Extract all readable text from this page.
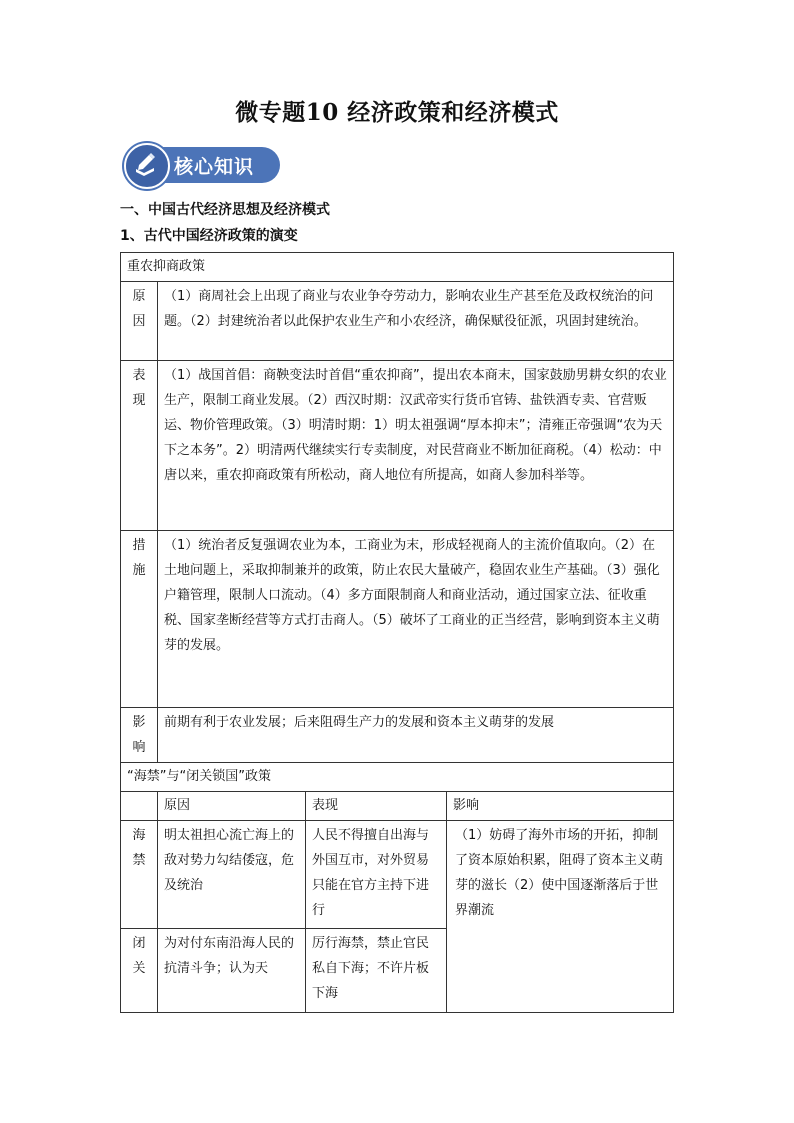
微专题10 经济政策和经济模式
核心知识
一、中国古代经济思想及经济模式
1、古代中国经济政策的演变
重农抑商政策			
原
因	（1）商周社会上出现了商业与农业争夺劳动力，影响农业生产甚至危及政权统治的问题。（2）封建统治者以此保护农业生产和小农经济，确保赋役征派，巩固封建统治。		
表
现	（1）战国首倡：商鞅变法时首倡“重农抑商”，提出农本商末，国家鼓励男耕女织的农业生产，限制工商业发展。（2）西汉时期：汉武帝实行货币官铸、盐铁酒专卖、官营贩运、物价管理政策。（3）明清时期：1）明太祖强调“厚本抑末”；清雍正帝强调“农为天下之本务”。2）明清两代继续实行专卖制度，对民营商业不断加征商税。（4）松动：中唐以来，重农抑商政策有所松动，商人地位有所提高，如商人参加科举等。		
措
施	（1）统治者反复强调农业为本，工商业为末，形成轻视商人的主流价值取向。（2）在土地问题上，采取抑制兼并的政策，防止农民大量破产，稳固农业生产基础。（3）强化户籍管理，限制人口流动。（4）多方面限制商人和商业活动，通过国家立法、征收重税、国家垄断经营等方式打击商人。（5）破坏了工商业的正当经营，影响到资本主义萌芽的发展。		
影
响	前期有利于农业发展；后来阻碍生产力的发展和资本主义萌芽的发展		
“海禁”与“闭关锁国”政策			
	原因	表现	影响
海
禁	明太祖担心流亡海上的敌对势力勾结倭寇，危及统治	人民不得擅自出海与外国互市，对外贸易只能在官方主持下进行	（1）妨碍了海外市场的开拓，抑制了资本原始积累，阻碍了资本主义萌芽的滋长（2）使中国逐渐落后于世界潮流
闭
关	为对付东南沿海人民的抗清斗争；认为天	厉行海禁，禁止官民私自下海；不许片板下海	
